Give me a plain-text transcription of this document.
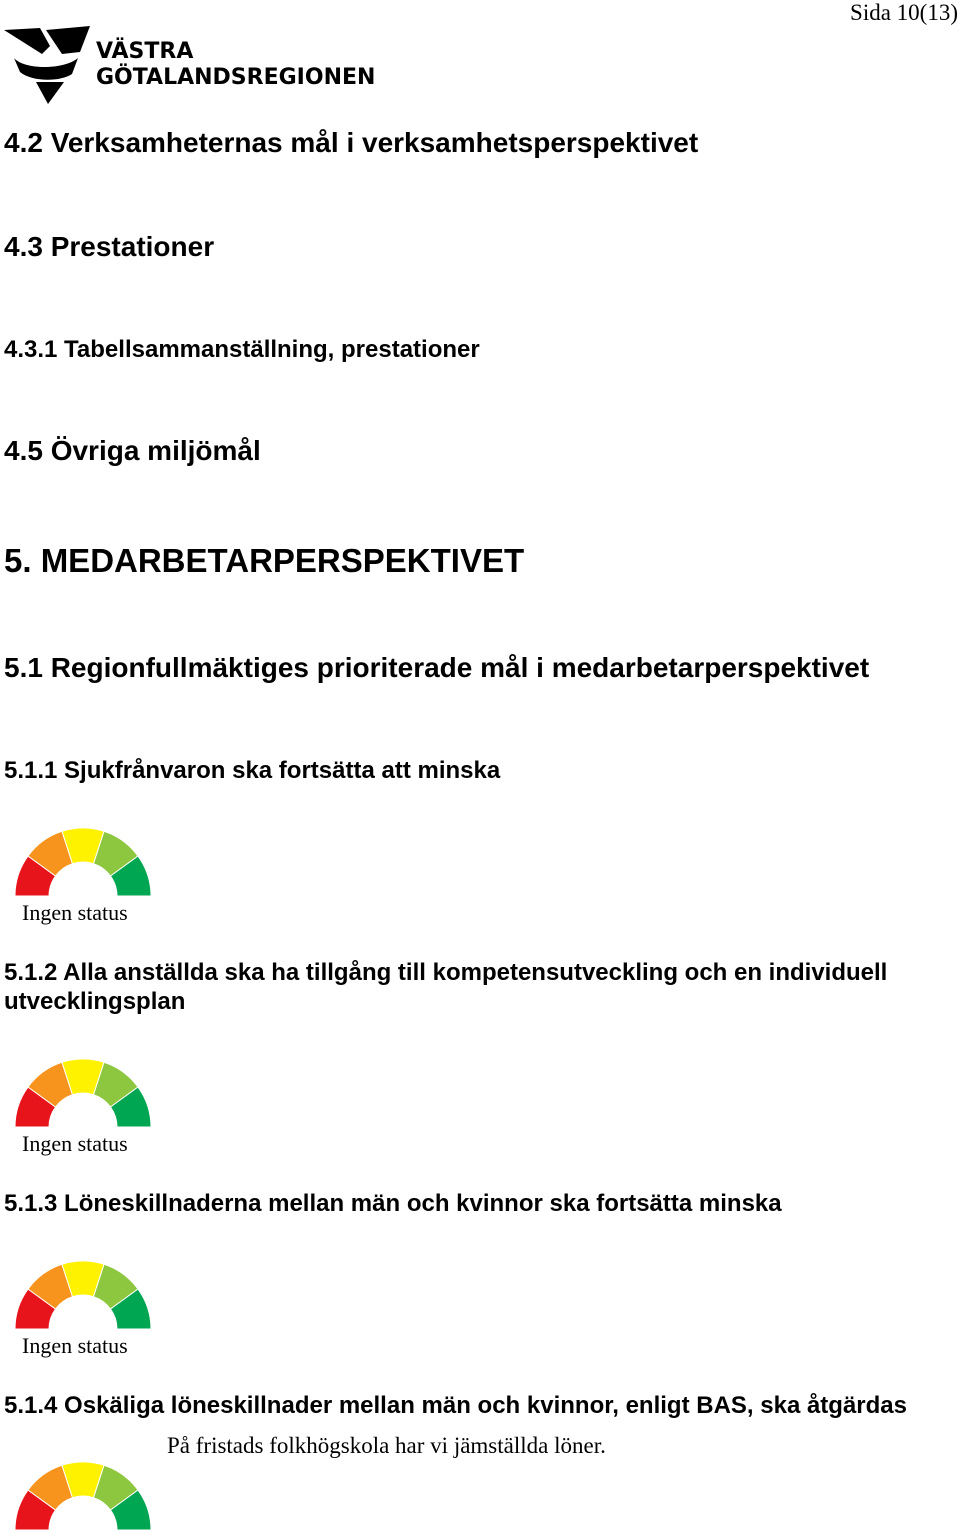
Sida 10(13)
VÄSTRA
GÖTALANDSREGIONEN
4.2 Verksamheternas mål i verksamhetsperspektivet
4.3 Prestationer
4.3.1 Tabellsammanställning, prestationer
4.5 Övriga miljömål
5. MEDARBETARPERSPEKTIVET
5.1 Regionfullmäktiges prioriterade mål i medarbetarperspektivet
5.1.1 Sjukfrånvaron ska fortsätta att minska
Ingen status
5.1.2 Alla anställda ska ha tillgång till kompetensutveckling och en individuell
utvecklingsplan
Ingen status
5.1.3 Löneskillnaderna mellan män och kvinnor ska fortsätta minska
Ingen status
5.1.4 Oskäliga löneskillnader mellan män och kvinnor, enligt BAS, ska åtgärdas
På fristads folkhögskola har vi jämställda löner.
